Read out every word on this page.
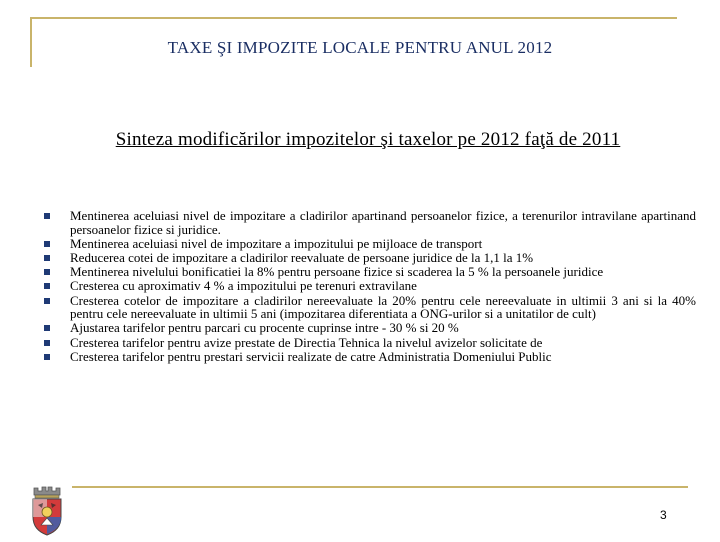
TAXE ŞI IMPOZITE LOCALE PENTRU ANUL 2012
Sinteza modificărilor impozitelor şi taxelor pe 2012 faţă de 2011
Mentinerea aceluiasi nivel de impozitare a cladirilor apartinand persoanelor fizice, a terenurilor intravilane apartinand persoanelor fizice si juridice.
Mentinerea aceluiasi nivel de impozitare a impozitului pe mijloace de transport
Reducerea cotei de impozitare a cladirilor reevaluate de persoane juridice de la 1,1 la 1%
Mentinerea nivelului bonificatiei la 8% pentru persoane fizice si scaderea la 5 % la persoanele juridice
Cresterea cu aproximativ 4 % a impozitului pe terenuri extravilane
Cresterea cotelor de impozitare a cladirilor nereevaluate la 20% pentru cele nereevaluate in ultimii 3 ani si la 40% pentru cele nereevaluate in ultimii 5 ani (impozitarea diferentiata a ONG-urilor si a unitatilor de cult)
Ajustarea tarifelor pentru parcari cu procente cuprinse intre - 30 % si 20 %
Cresterea tarifelor pentru avize prestate de Directia Tehnica la nivelul avizelor solicitate de
Cresterea tarifelor pentru prestari servicii realizate de catre Administratia Domeniului Public
3
